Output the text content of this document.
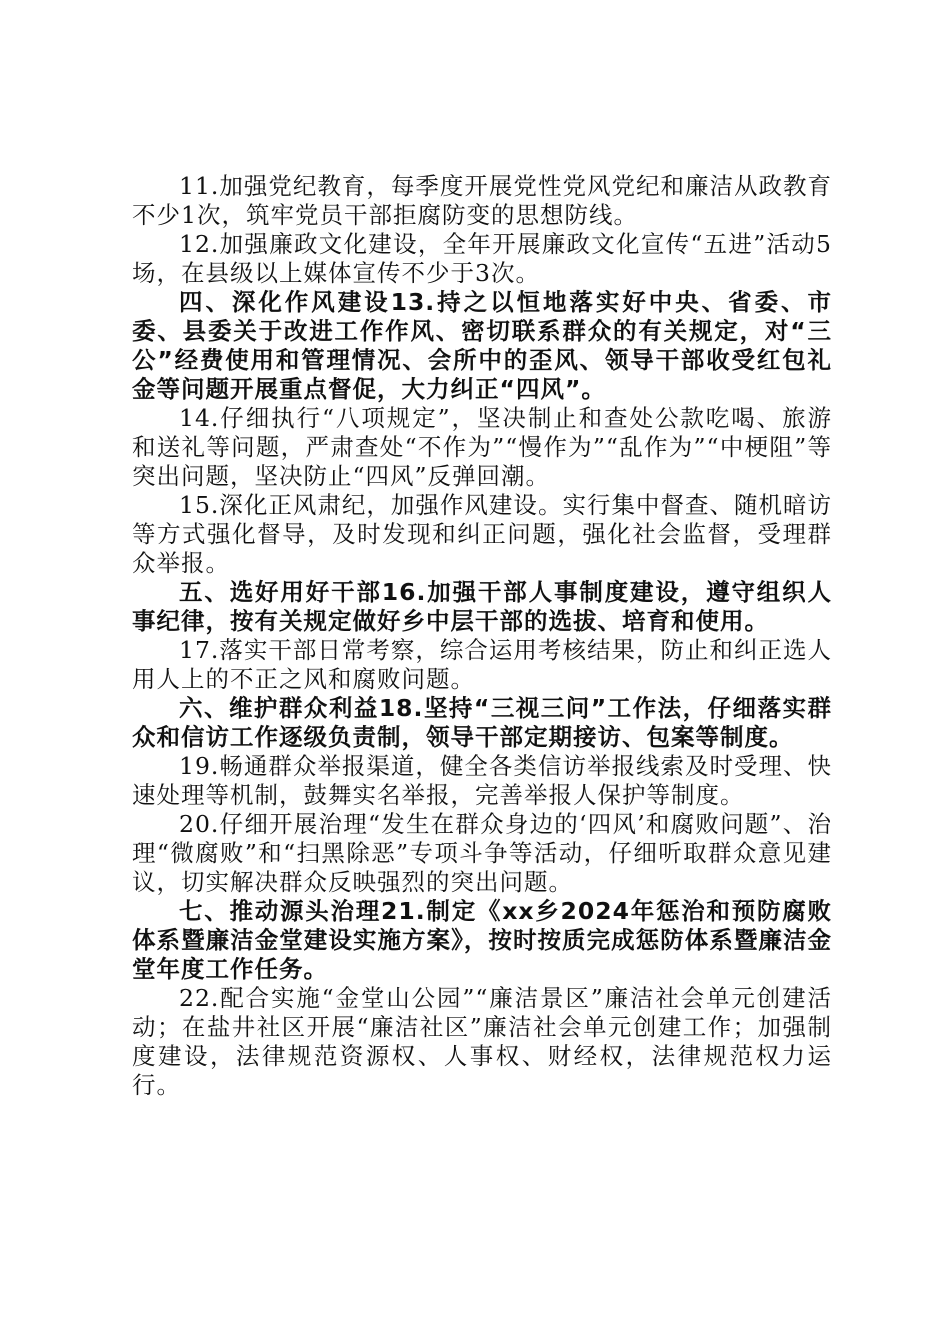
11.加强党纪教育，每季度开展党性党风党纪和廉洁从政教育不少1次，筑牢党员干部拒腐防变的思想防线。

12.加强廉政文化建设，全年开展廉政文化宣传“五进”活动5场，在县级以上媒体宣传不少于3次。

四、深化作风建设13.持之以恒地落实好中央、省委、市委、县委关于改进工作作风、密切联系群众的有关规定，对“三公”经费使用和管理情况、会所中的歪风、领导干部收受红包礼金等问题开展重点督促，大力纠正“四风”。

14.仔细执行“八项规定”，坚决制止和查处公款吃喝、旅游和送礼等问题，严肃查处“不作为”“慢作为”“乱作为”“中梗阻”等突出问题，坚决防止“四风”反弹回潮。

15.深化正风肃纪，加强作风建设。实行集中督查、随机暗访等方式强化督导，及时发现和纠正问题，强化社会监督，受理群众举报。

五、选好用好干部16.加强干部人事制度建设，遵守组织人事纪律，按有关规定做好乡中层干部的选拔、培育和使用。

17.落实干部日常考察，综合运用考核结果，防止和纠正选人用人上的不正之风和腐败问题。

六、维护群众利益18.坚持“三视三问”工作法，仔细落实群众和信访工作逐级负责制，领导干部定期接访、包案等制度。

19.畅通群众举报渠道，健全各类信访举报线索及时受理、快速处理等机制，鼓舞实名举报，完善举报人保护等制度。

20.仔细开展治理“发生在群众身边的‘四风’和腐败问题”、治理“微腐败”和“扫黑除恶”专项斗争等活动，仔细听取群众意见建议，切实解决群众反映强烈的突出问题。

七、推动源头治理21.制定《xx乡2024年惩治和预防腐败体系暨廉洁金堂建设实施方案》，按时按质完成惩防体系暨廉洁金堂年度工作任务。

22.配合实施“金堂山公园”“廉洁景区”廉洁社会单元创建活动；在盐井社区开展“廉洁社区”廉洁社会单元创建工作；加强制度建设，法律规范资源权、人事权、财经权，法律规范权力运行。
